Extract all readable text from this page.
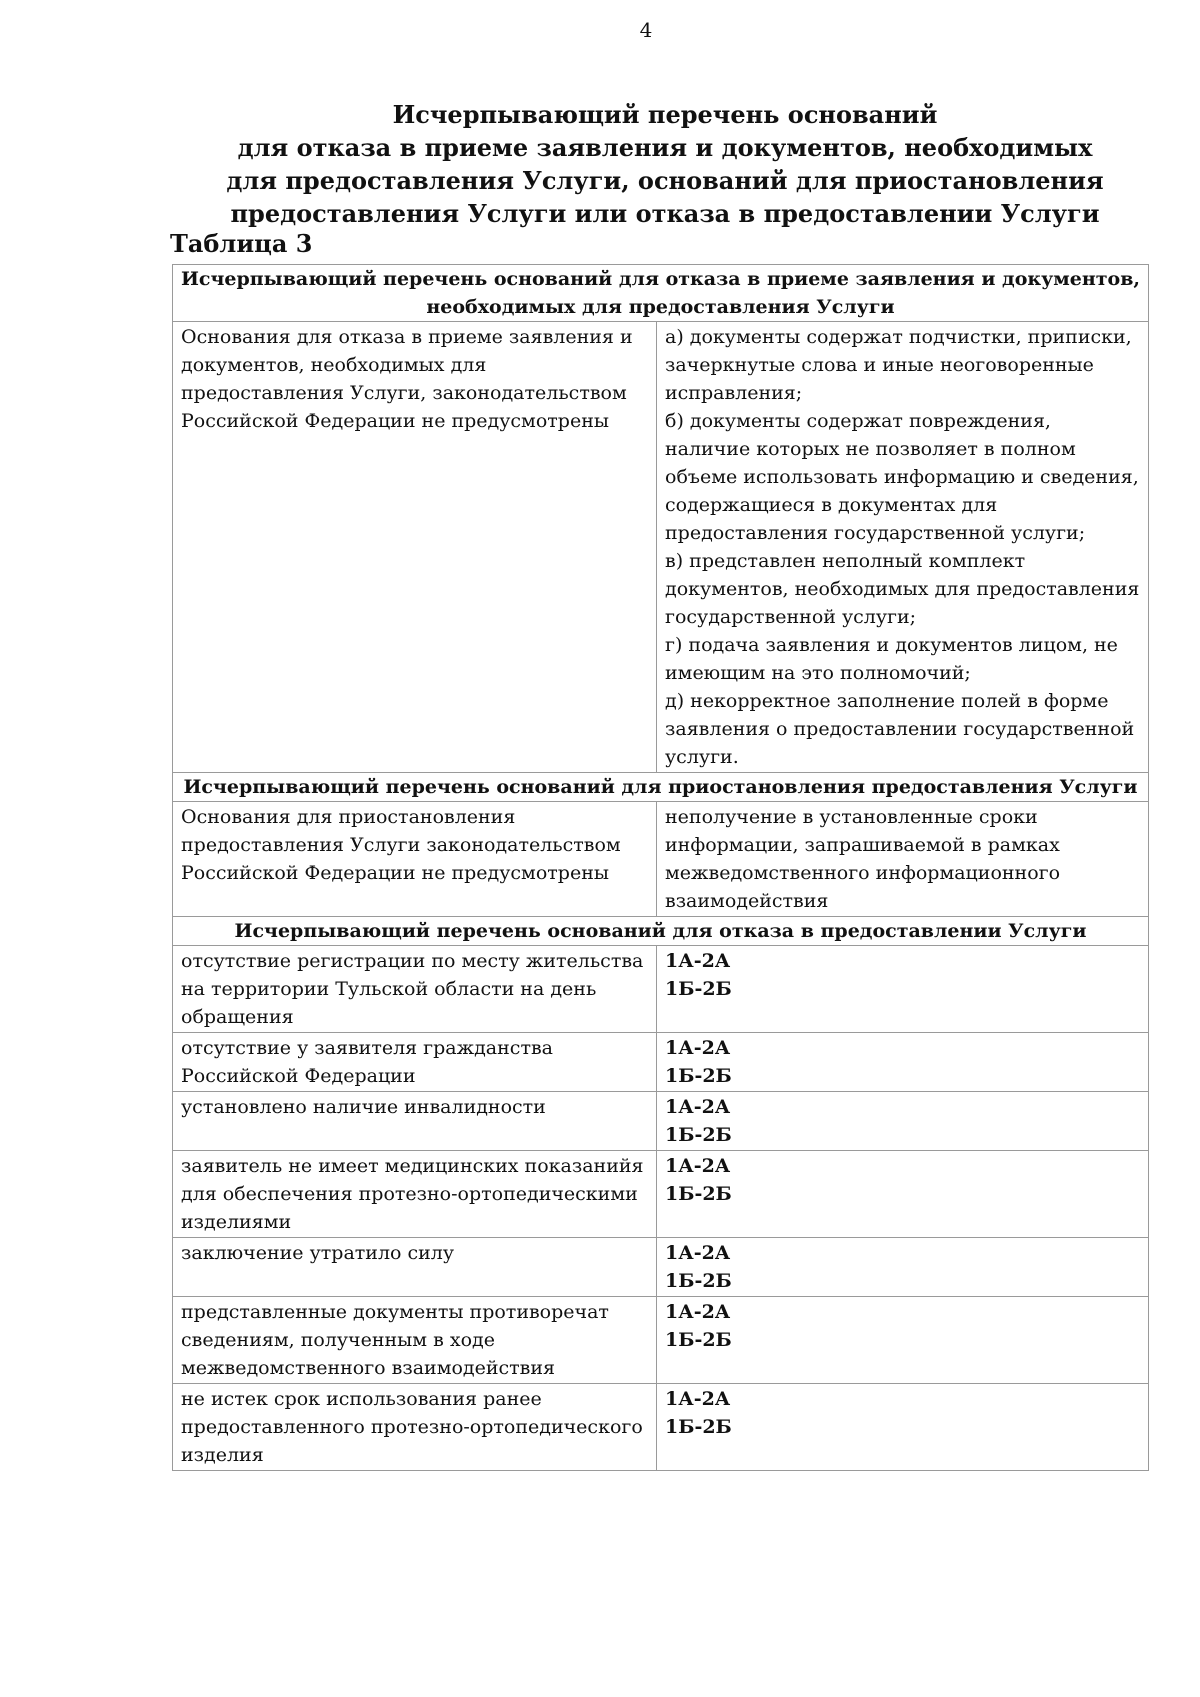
4
Исчерпывающий перечень оснований
для отказа в приеме заявления и документов, необходимых
для предоставления Услуги, оснований для приостановления
предоставления Услуги или отказа в предоставлении Услуги
Таблица 3
Исчерпывающий перечень оснований для отказа в приеме заявления и документов, необходимых для предоставления Услуги	
Основания для отказа в приеме заявления и документов, необходимых для предоставления Услуги, законодательством Российской Федерации не предусмотрены	а) документы содержат подчистки, приписки, зачеркнутые слова и иные неоговоренные исправления;
б) документы содержат повреждения, наличие которых не позволяет в полном объеме использовать информацию и сведения, содержащиеся в документах для предоставления государственной услуги;
в) представлен неполный комплект документов, необходимых для предоставления государственной услуги;
г) подача заявления и документов лицом, не имеющим на это полномочий;
д) некорректное заполнение полей в форме заявления о предоставлении государственной услуги.

Исчерпывающий перечень оснований для приостановления предоставления Услуги	
Основания для приостановления предоставления Услуги законодательством Российской Федерации не предусмотрены	неполучение в установленные сроки информации, запрашиваемой в рамках межведомственного информационного взаимодействия
Исчерпывающий перечень оснований для отказа в предоставлении Услуги	
отсутствие регистрации по месту жительства на территории Тульской области на день обращения	1А-2А
1Б-2Б

отсутствие у заявителя гражданства Российской Федерации	1А-2А
1Б-2Б

установлено наличие инвалидности	1А-2А
1Б-2Б

заявитель не имеет медицинских показанийя для обеспечения протезно-ортопедическими изделиями	1А-2А
1Б-2Б

заключение утратило силу	1А-2А
1Б-2Б

представленные документы противоречат сведениям, полученным в ходе межведомственного взаимодействия	1А-2А
1Б-2Б

не истек срок использования ранее предоставленного протезно-ортопедического изделия	1А-2А
1Б-2Б
